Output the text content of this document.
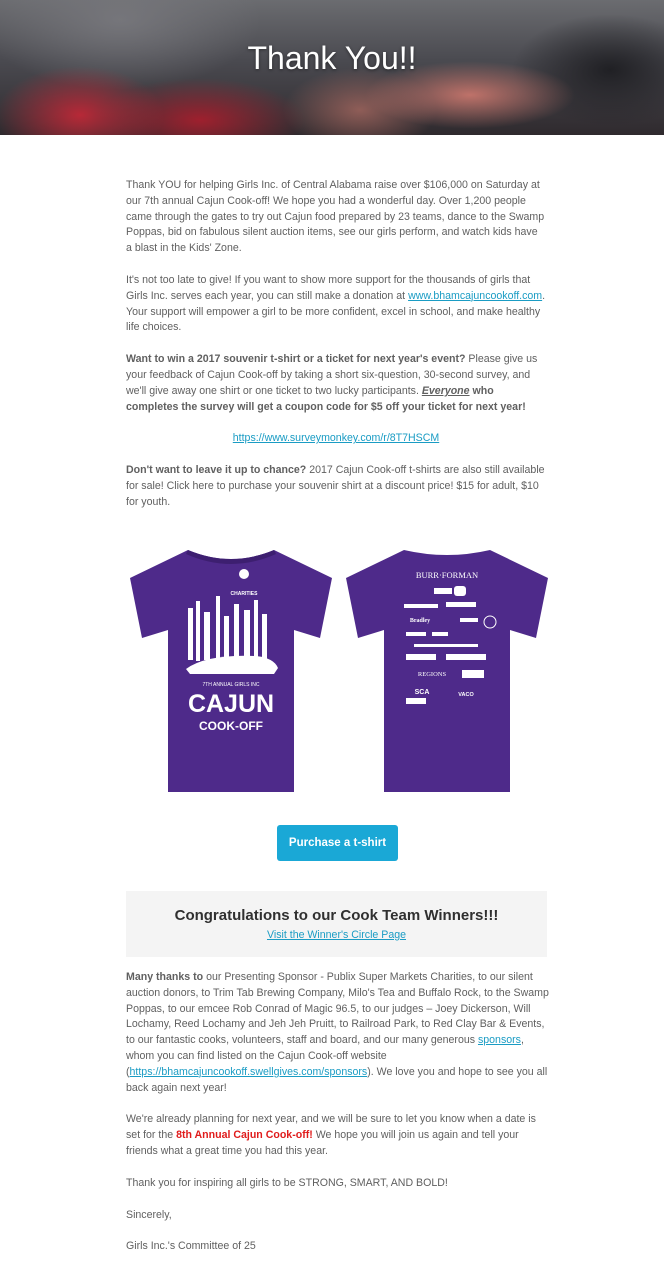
Thank You!!

Thank YOU for helping Girls Inc. of Central Alabama raise over $106,000 on Saturday at our 7th annual Cajun Cook-off! We hope you had a wonderful day. Over 1,200 people came through the gates to try out Cajun food prepared by 23 teams, dance to the Swamp Poppas, bid on fabulous silent auction items, see our girls perform, and watch kids have a blast in the Kids' Zone.

It's not too late to give! If you want to show more support for the thousands of girls that Girls Inc. serves each year, you can still make a donation at www.bhamcajuncookoff.com. Your support will empower a girl to be more confident, excel in school, and make healthy life choices.

Want to win a 2017 souvenir t-shirt or a ticket for next year's event? Please give us your feedback of Cajun Cook-off by taking a short six-question, 30-second survey, and we'll give away one shirt or one ticket to two lucky participants. Everyone who completes the survey will get a coupon code for $5 off your ticket for next year!

https://www.surveymonkey.com/r/8T7HSCM

Don't want to leave it up to chance? 2017 Cajun Cook-off t-shirts are also still available for sale! Click here to purchase your souvenir shirt at a discount price! $15 for adult, $10 for youth.

CHARITIES
7TH ANNUAL GIRLS INC
CAJUN
COOK-OFF
BURR·FORMAN
Bradley
REGIONS
SCA	VACO
Purchase a t-shirt
Congratulations to our Cook Team Winners!!!
Visit the Winner's Circle Page

Many thanks to our Presenting Sponsor - Publix Super Markets Charities, to our silent auction donors, to Trim Tab Brewing Company, Milo's Tea and Buffalo Rock, to the Swamp Poppas, to our emcee Rob Conrad of Magic 96.5, to our judges – Joey Dickerson, Will Lochamy, Reed Lochamy and Jeh Jeh Pruitt, to Railroad Park, to Red Clay Bar & Events, to our fantastic cooks, volunteers, staff and board, and our many generous sponsors, whom you can find listed on the Cajun Cook-off website (https://bhamcajuncookoff.swellgives.com/sponsors). We love you and hope to see you all back again next year!

We're already planning for next year, and we will be sure to let you know when a date is set for the 8th Annual Cajun Cook-off! We hope you will join us again and tell your friends what a great time you had this year.

Thank you for inspiring all girls to be STRONG, SMART, AND BOLD!

Sincerely,

Girls Inc.'s Committee of 25
